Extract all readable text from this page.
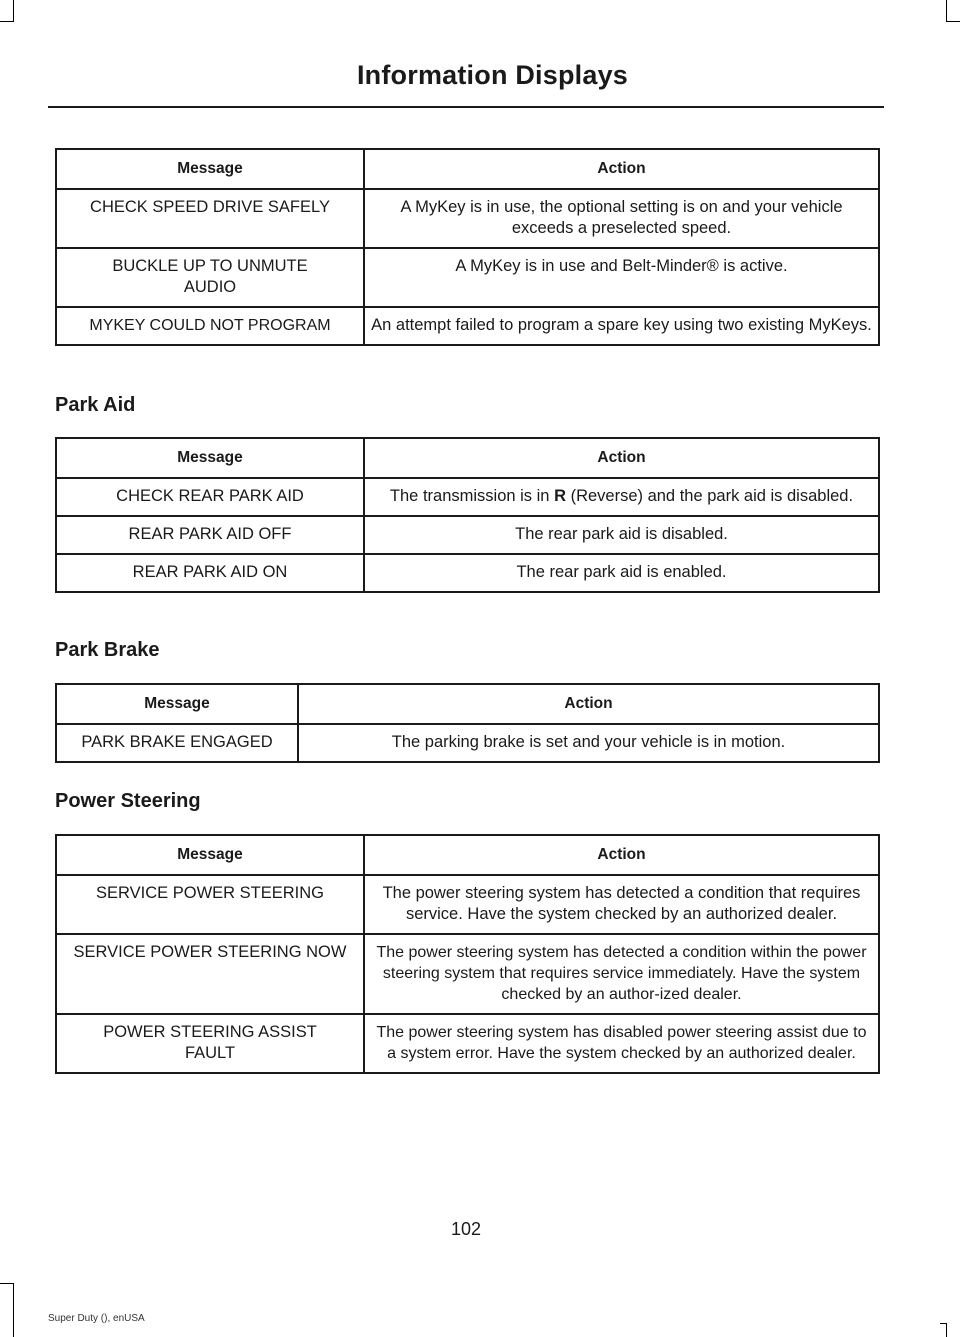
Information Displays
Message	Action
CHECK SPEED DRIVE SAFELY	A MyKey is in use, the optional setting is on and your vehicle exceeds a preselected speed.
BUCKLE UP TO UNMUTE AUDIO	A MyKey is in use and Belt-Minder® is active.
MYKEY COULD NOT PROGRAM	An attempt failed to program a spare key using two existing MyKeys.
Park Aid
Message	Action
CHECK REAR PARK AID	The transmission is in R (Reverse) and the park aid is disabled.
REAR PARK AID OFF	The rear park aid is disabled.
REAR PARK AID ON	The rear park aid is enabled.
Park Brake
Message	Action
PARK BRAKE ENGAGED	The parking brake is set and your vehicle is in motion.
Power Steering
Message	Action
SERVICE POWER STEERING	The power steering system has detected a condition that requires service. Have the system checked by an authorized dealer.
SERVICE POWER STEERING NOW	The power steering system has detected a condition within the power steering system that requires service immediately. Have the system checked by an author-ized dealer.
POWER STEERING ASSIST FAULT	The power steering system has disabled power steering assist due to a system error. Have the system checked by an authorized dealer.
102
Super Duty (), enUSA
